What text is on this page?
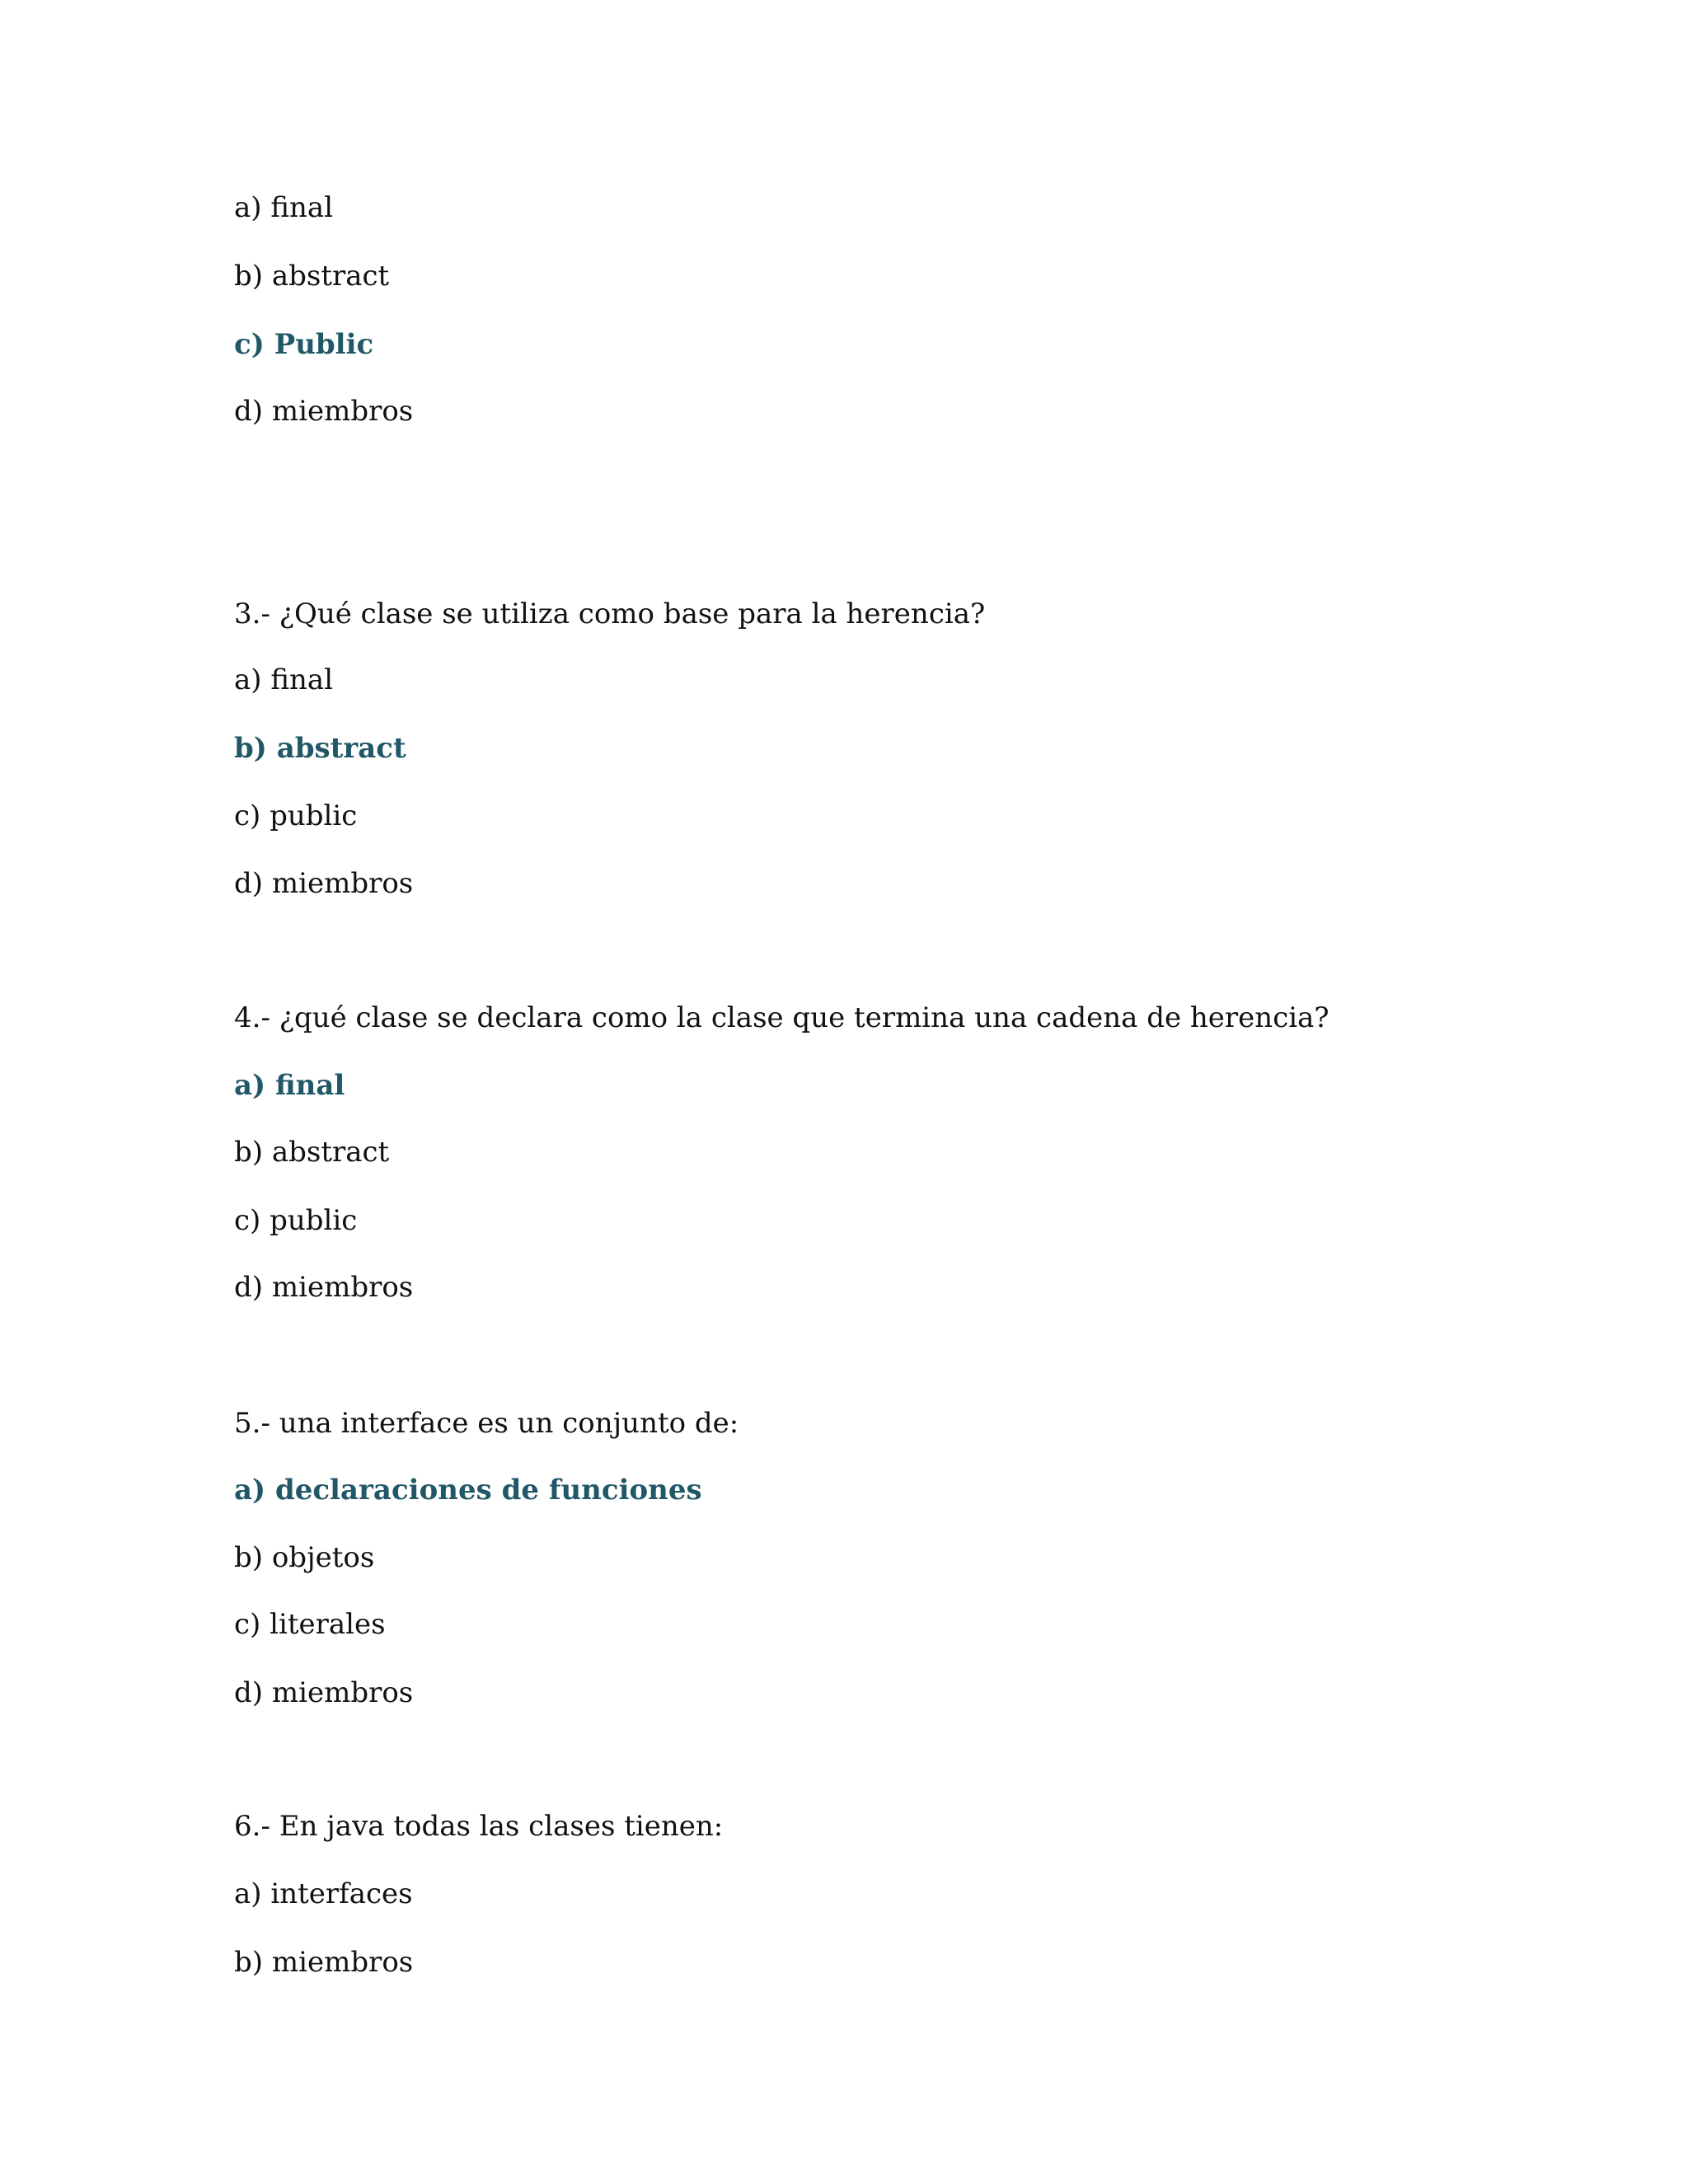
a) final
b) abstract
c) Public
d) miembros
3.- ¿Qué clase se utiliza como base para la herencia?
a) final
b) abstract
c) public
d) miembros
4.- ¿qué clase se declara como la clase que termina una cadena de herencia?
a) final
b) abstract
c) public
d) miembros
5.- una interface es un conjunto de:
a) declaraciones de funciones
b) objetos
c) literales
d) miembros
6.- En java todas las clases tienen:
a) interfaces
b) miembros
